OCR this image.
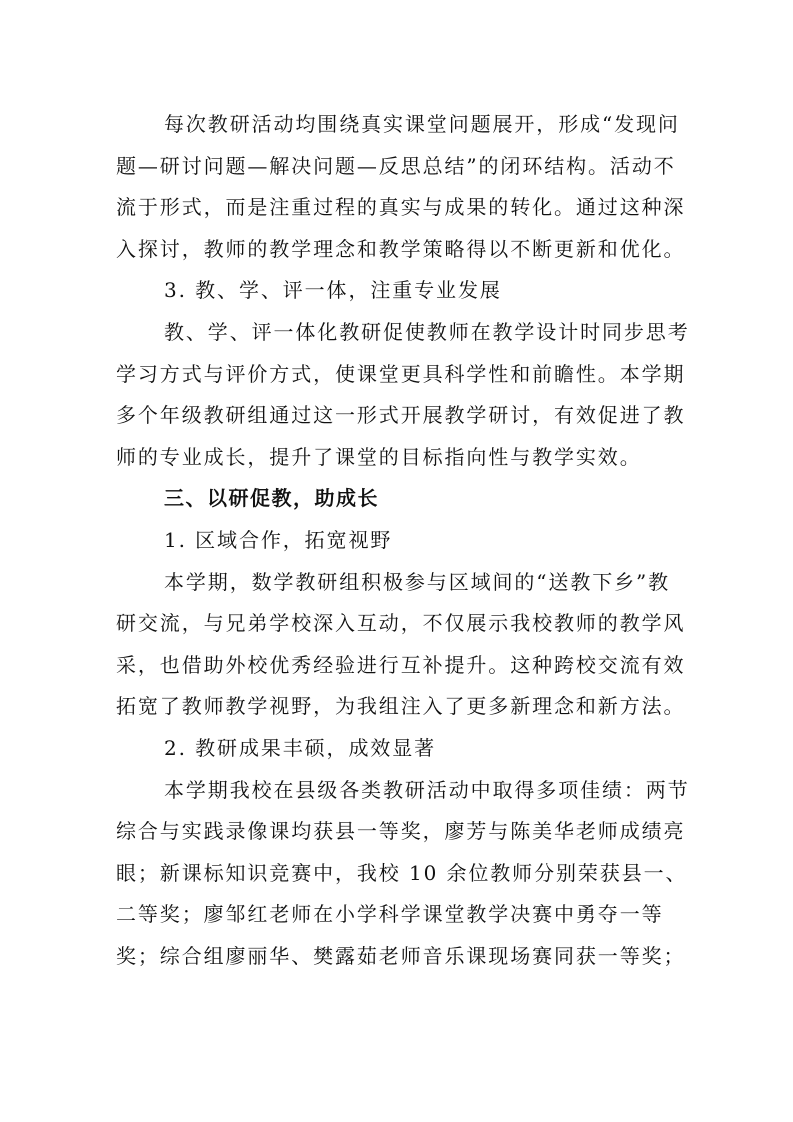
每次教研活动均围绕真实课堂问题展开，形成“发现问

题—研讨问题—解决问题—反思总结”的闭环结构。活动不

流于形式，而是注重过程的真实与成果的转化。通过这种深

入探讨，教师的教学理念和教学策略得以不断更新和优化。

3. 教、学、评一体，注重专业发展

教、学、评一体化教研促使教师在教学设计时同步思考

学习方式与评价方式，使课堂更具科学性和前瞻性。本学期

多个年级教研组通过这一形式开展教学研讨，有效促进了教

师的专业成长，提升了课堂的目标指向性与教学实效。

三、以研促教，助成长

1. 区域合作，拓宽视野

本学期，数学教研组积极参与区域间的“送教下乡”教

研交流，与兄弟学校深入互动，不仅展示我校教师的教学风

采，也借助外校优秀经验进行互补提升。这种跨校交流有效

拓宽了教师教学视野，为我组注入了更多新理念和新方法。

2. 教研成果丰硕，成效显著

本学期我校在县级各类教研活动中取得多项佳绩：两节

综合与实践录像课均获县一等奖，廖芳与陈美华老师成绩亮

眼；新课标知识竞赛中，我校 10 余位教师分别荣获县一、

二等奖；廖邹红老师在小学科学课堂教学决赛中勇夺一等

奖；综合组廖丽华、樊露茹老师音乐课现场赛同获一等奖；
